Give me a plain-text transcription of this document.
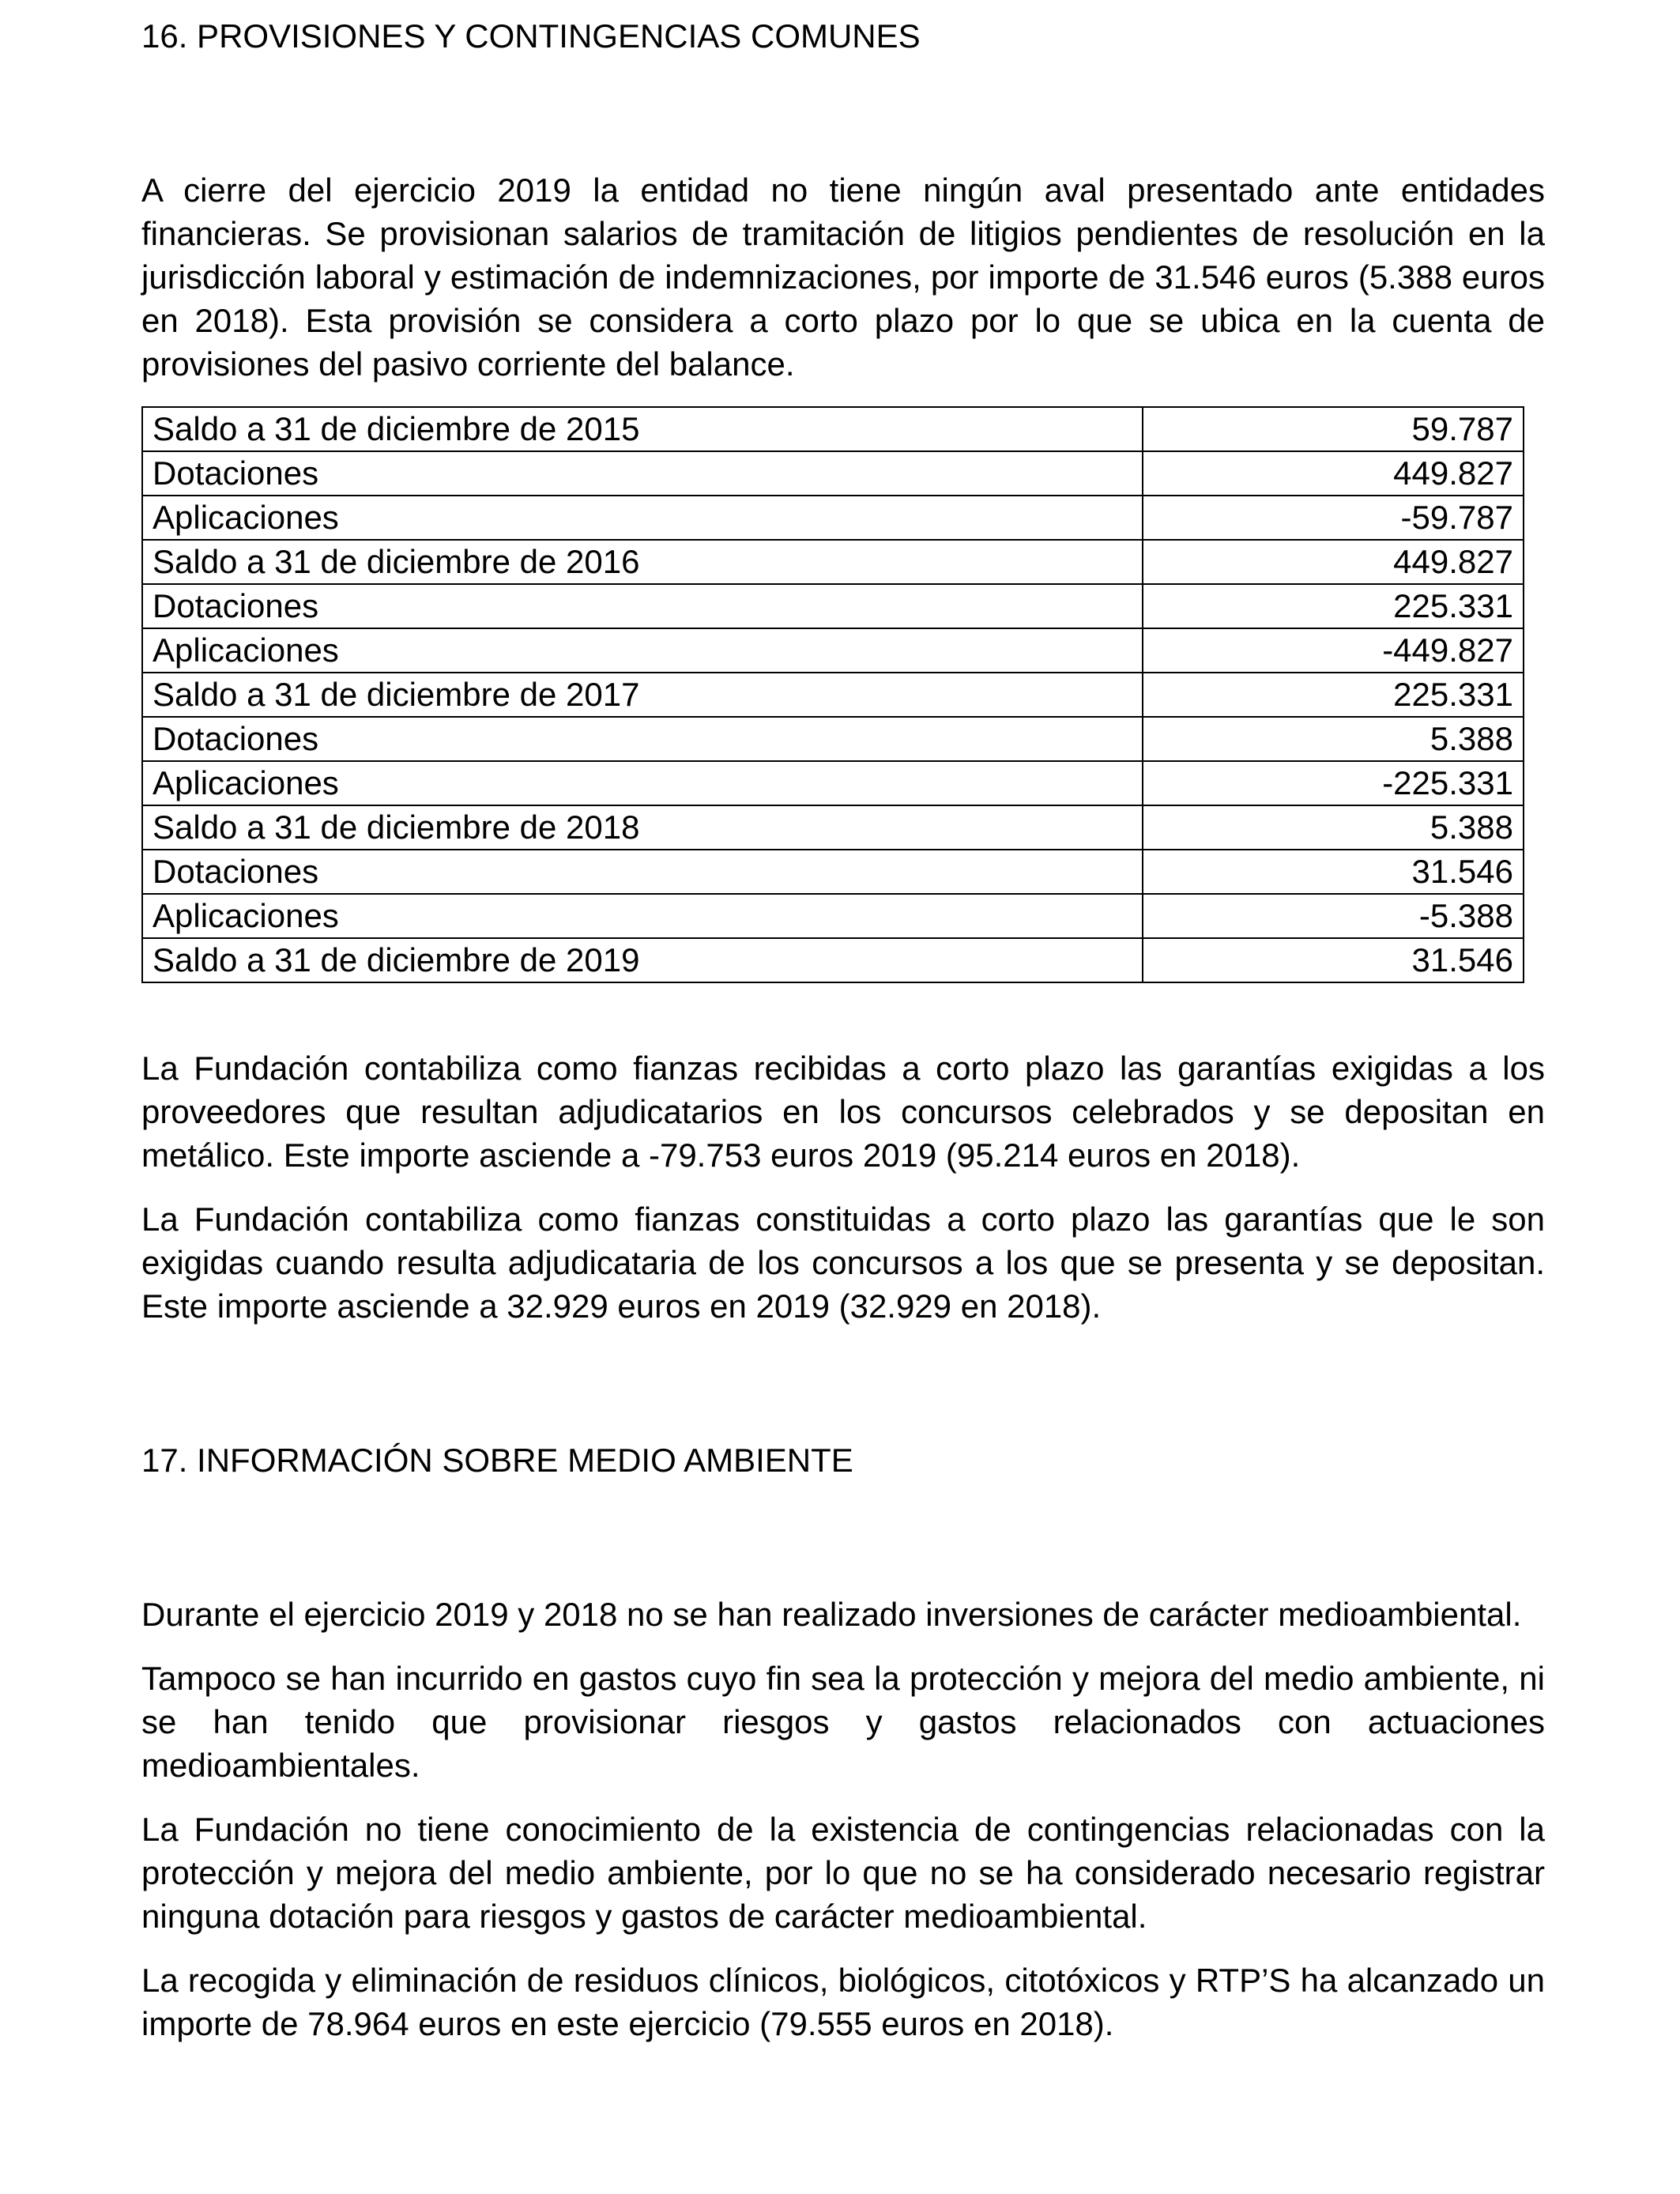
16. PROVISIONES Y CONTINGENCIAS COMUNES

A cierre del ejercicio 2019 la entidad no tiene ningún aval presentado ante entidades financieras. Se provisionan salarios de tramitación de litigios pendientes de resolución en la jurisdicción laboral y estimación de indemnizaciones, por importe de 31.546 euros (5.388 euros en 2018). Esta provisión se considera a corto plazo por lo que se ubica en la cuenta de provisiones del pasivo corriente del balance.

Saldo a 31 de diciembre de 2015	59.787
Dotaciones	449.827
Aplicaciones	-59.787
Saldo a 31 de diciembre de 2016	449.827
Dotaciones	225.331
Aplicaciones	-449.827
Saldo a 31 de diciembre de 2017	225.331
Dotaciones	5.388
Aplicaciones	-225.331
Saldo a 31 de diciembre de 2018	5.388
Dotaciones	31.546
Aplicaciones	-5.388
Saldo a 31 de diciembre de 2019	31.546

La Fundación contabiliza como fianzas recibidas a corto plazo las garantías exigidas a los proveedores que resultan adjudicatarios en los concursos celebrados y se depositan en metálico. Este importe asciende a -79.753 euros 2019 (95.214 euros en 2018).

La Fundación contabiliza como fianzas constituidas a corto plazo las garantías que le son exigidas cuando resulta adjudicataria de los concursos a los que se presenta y se depositan. Este importe asciende a 32.929 euros en 2019 (32.929 en 2018).

17. INFORMACIÓN SOBRE MEDIO AMBIENTE

Durante el ejercicio 2019 y 2018 no se han realizado inversiones de carácter medioambiental.

Tampoco se han incurrido en gastos cuyo fin sea la protección y mejora del medio ambiente, ni se han tenido que provisionar riesgos y gastos relacionados con actuaciones medioambientales.

La Fundación no tiene conocimiento de la existencia de contingencias relacionadas con la protección y mejora del medio ambiente, por lo que no se ha considerado necesario registrar ninguna dotación para riesgos y gastos de carácter medioambiental.

La recogida y eliminación de residuos clínicos, biológicos, citotóxicos y RTP’S ha alcanzado un importe de 78.964 euros en este ejercicio (79.555 euros en 2018).
